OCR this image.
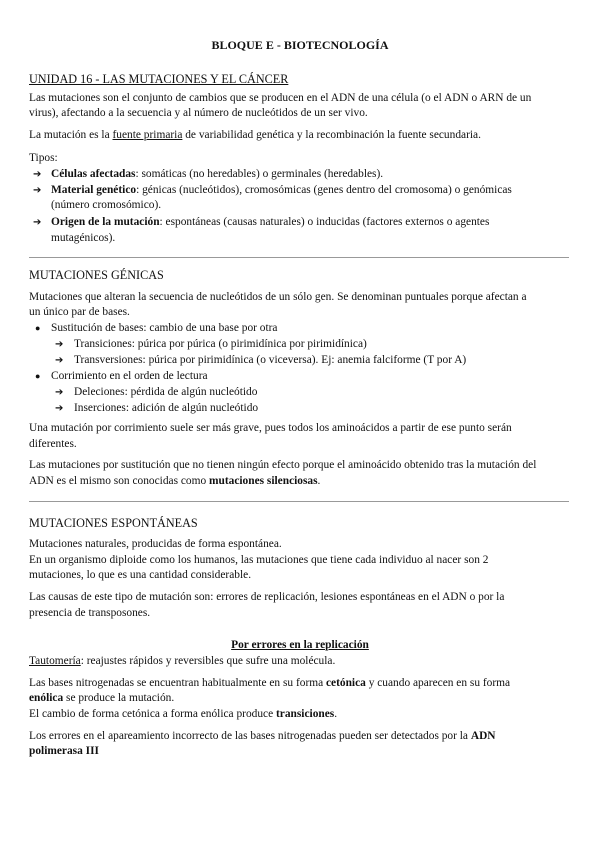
BLOQUE E - BIOTECNOLOGÍA

UNIDAD 16 - LAS MUTACIONES Y EL CÁNCER

Las mutaciones son el conjunto de cambios que se producen en el ADN de una célula (o el ADN o ARN de un

virus), afectando a la secuencia y al número de nucleótidos de un ser vivo.

La mutación es la fuente primaria de variabilidad genética y la recombinación la fuente secundaria.

Tipos:

➔ Células afectadas: somáticas (no heredables) o germinales (heredables).

➔ Material genético: génicas (nucleótidos), cromosómicas (genes dentro del cromosoma) o genómicas

(número cromosómico).

➔ Origen de la mutación: espontáneas (causas naturales) o inducidas (factores externos o agentes

mutagénicos).

MUTACIONES GÉNICAS

Mutaciones que alteran la secuencia de nucleótidos de un sólo gen. Se denominan puntuales porque afectan a

un único par de bases.

● Sustitución de bases: cambio de una base por otra

➔ Transiciones: púrica por púrica (o pirimidínica por pirimidínica)

➔ Transversiones: púrica por pirimidínica (o viceversa). Ej: anemia falciforme (T por A)

● Corrimiento en el orden de lectura

➔ Deleciones: pérdida de algún nucleótido

➔ Inserciones: adición de algún nucleótido

Una mutación por corrimiento suele ser más grave, pues todos los aminoácidos a partir de ese punto serán

diferentes.

Las mutaciones por sustitución que no tienen ningún efecto porque el aminoácido obtenido tras la mutación del

ADN es el mismo son conocidas como mutaciones silenciosas.

MUTACIONES ESPONTÁNEAS

Mutaciones naturales, producidas de forma espontánea.

En un organismo diploide como los humanos, las mutaciones que tiene cada individuo al nacer son 2

mutaciones, lo que es una cantidad considerable.

Las causas de este tipo de mutación son: errores de replicación, lesiones espontáneas en el ADN o por la

presencia de transposones.

Por errores en la replicación

Tautomería: reajustes rápidos y reversibles que sufre una molécula.

Las bases nitrogenadas se encuentran habitualmente en su forma cetónica y cuando aparecen en su forma

enólica se produce la mutación.

El cambio de forma cetónica a forma enólica produce transiciones.

Los errores en el apareamiento incorrecto de las bases nitrogenadas pueden ser detectados por la ADN

polimerasa III
